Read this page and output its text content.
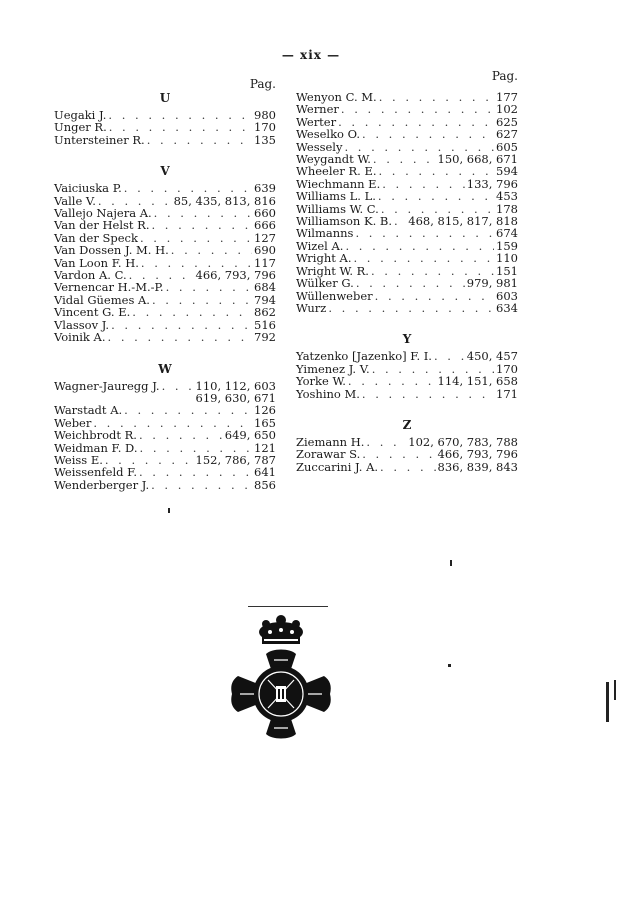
— xix —
Pag.
U
Uegaki J. . . .	980
Unger R. . . .	170
Untersteiner R. . . .	135
V
Vaiciuska P. . . .	639
Valle V. . . .	85, 435, 813, 816
Vallejo Najera A. . . .	660
Van der Helst R. . . .	666
Van der Speck . . .	127
Van Dossen J. M. H. . . .	690
Van Loon F. H. . . .	117
Vardon A. C. . . .	466, 793, 796
Vernencar H.-M.-P. . . .	684
Vidal Güemes A. . . .	794
Vincent G. E. . . .	862
Vlassov J. . . .	516
Voinik A. . . .	792
W
Wagner-Jauregg J. . . .	110, 112, 603
619, 630, 671
Warstadt A. . . .	126
Weber . . .	165
Weichbrodt R. . . .	649, 650
Weidman F. D. . . .	121
Weiss E. . . .	152, 786, 787
Weissenfeld F. . . .	641
Wenderberger J. . . .	856
Pag.
Wenyon C. M. . . .	177
Werner . . .	102
Werter . . .	625
Weselko O. . . .	627
Wessely . . .	605
Weygandt W. . . .	150, 668, 671
Wheeler R. E. . . .	594
Wiechmann E. . . .	133, 796
Williams L. L. . . .	453
Williams W. C. . . .	178
Williamson K. B. . . . 468, 815, 817, 818
Wilmanns . . .	674
Wizel A. . . .	159
Wright A. . . .	110
Wright W. R. . . .	151
Wülker G. . . .	979, 981
Wüllenweber . . .	603
Wurz . . .	634
Y
Yatzenko [Jazenko] F. I. . . .	450, 457
Yimenez J. V. . . .	170
Yorke W. . . .	114, 151, 658
Yoshino M. . . .	171
Z
Ziemann H. . . .	102, 670, 783, 788
Zorawar S. . . .	466, 793, 796
Zuccarini J. A. . . .	836, 839, 843
